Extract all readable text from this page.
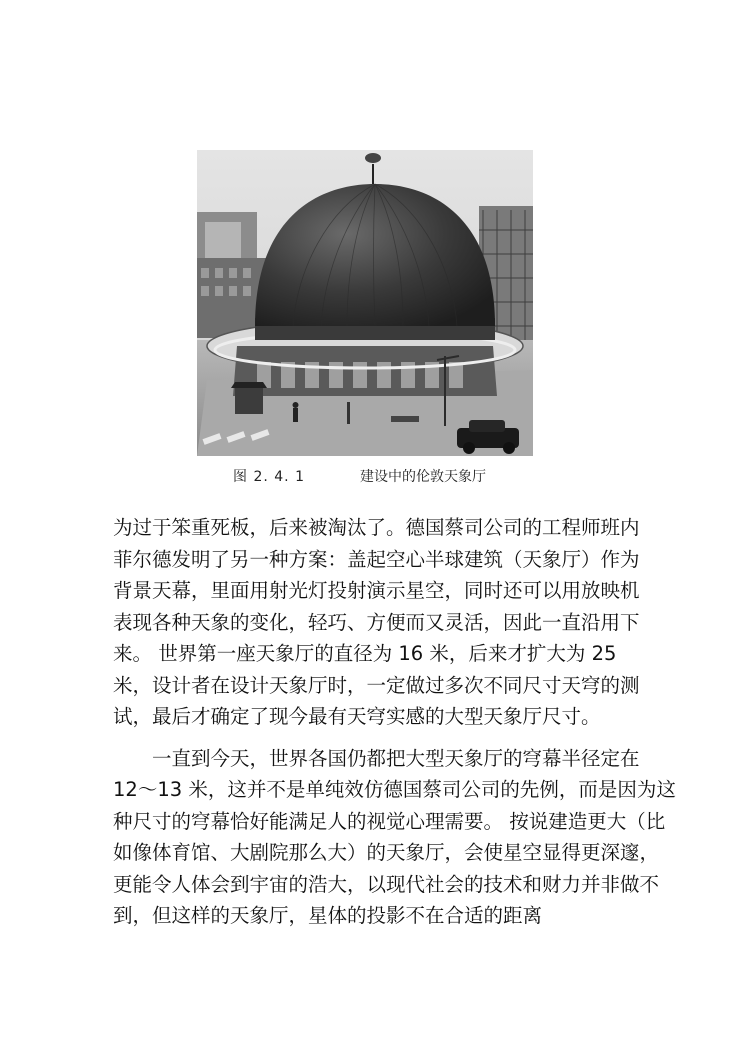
图 2. 4. 1	建设中的伦敦天象厅
为过于笨重死板，后来被淘汰了。德国蔡司公司的工程师班内
菲尔德发明了另一种方案：盖起空心半球建筑（天象厅）作为
背景天幕，里面用射光灯投射演示星空，同时还可以用放映机
表现各种天象的变化，轻巧、方便而又灵活，因此一直沿用下
来。 世界第一座天象厅的直径为 16 米，后来才扩大为 25
米，设计者在设计天象厅时，一定做过多次不同尺寸天穹的测
试，最后才确定了现今最有天穹实感的大型天象厅尺寸。
　　一直到今天，世界各国仍都把大型天象厅的穹幕半径定在
12～13 米，这并不是单纯效仿德国蔡司公司的先例，而是因为这
种尺寸的穹幕恰好能满足人的视觉心理需要。 按说建造更大（比
如像体育馆、大剧院那么大）的天象厅，会使星空显得更深邃，
更能令人体会到宇宙的浩大，以现代社会的技术和财力并非做不
到，但这样的天象厅，星体的投影不在合适的距离
